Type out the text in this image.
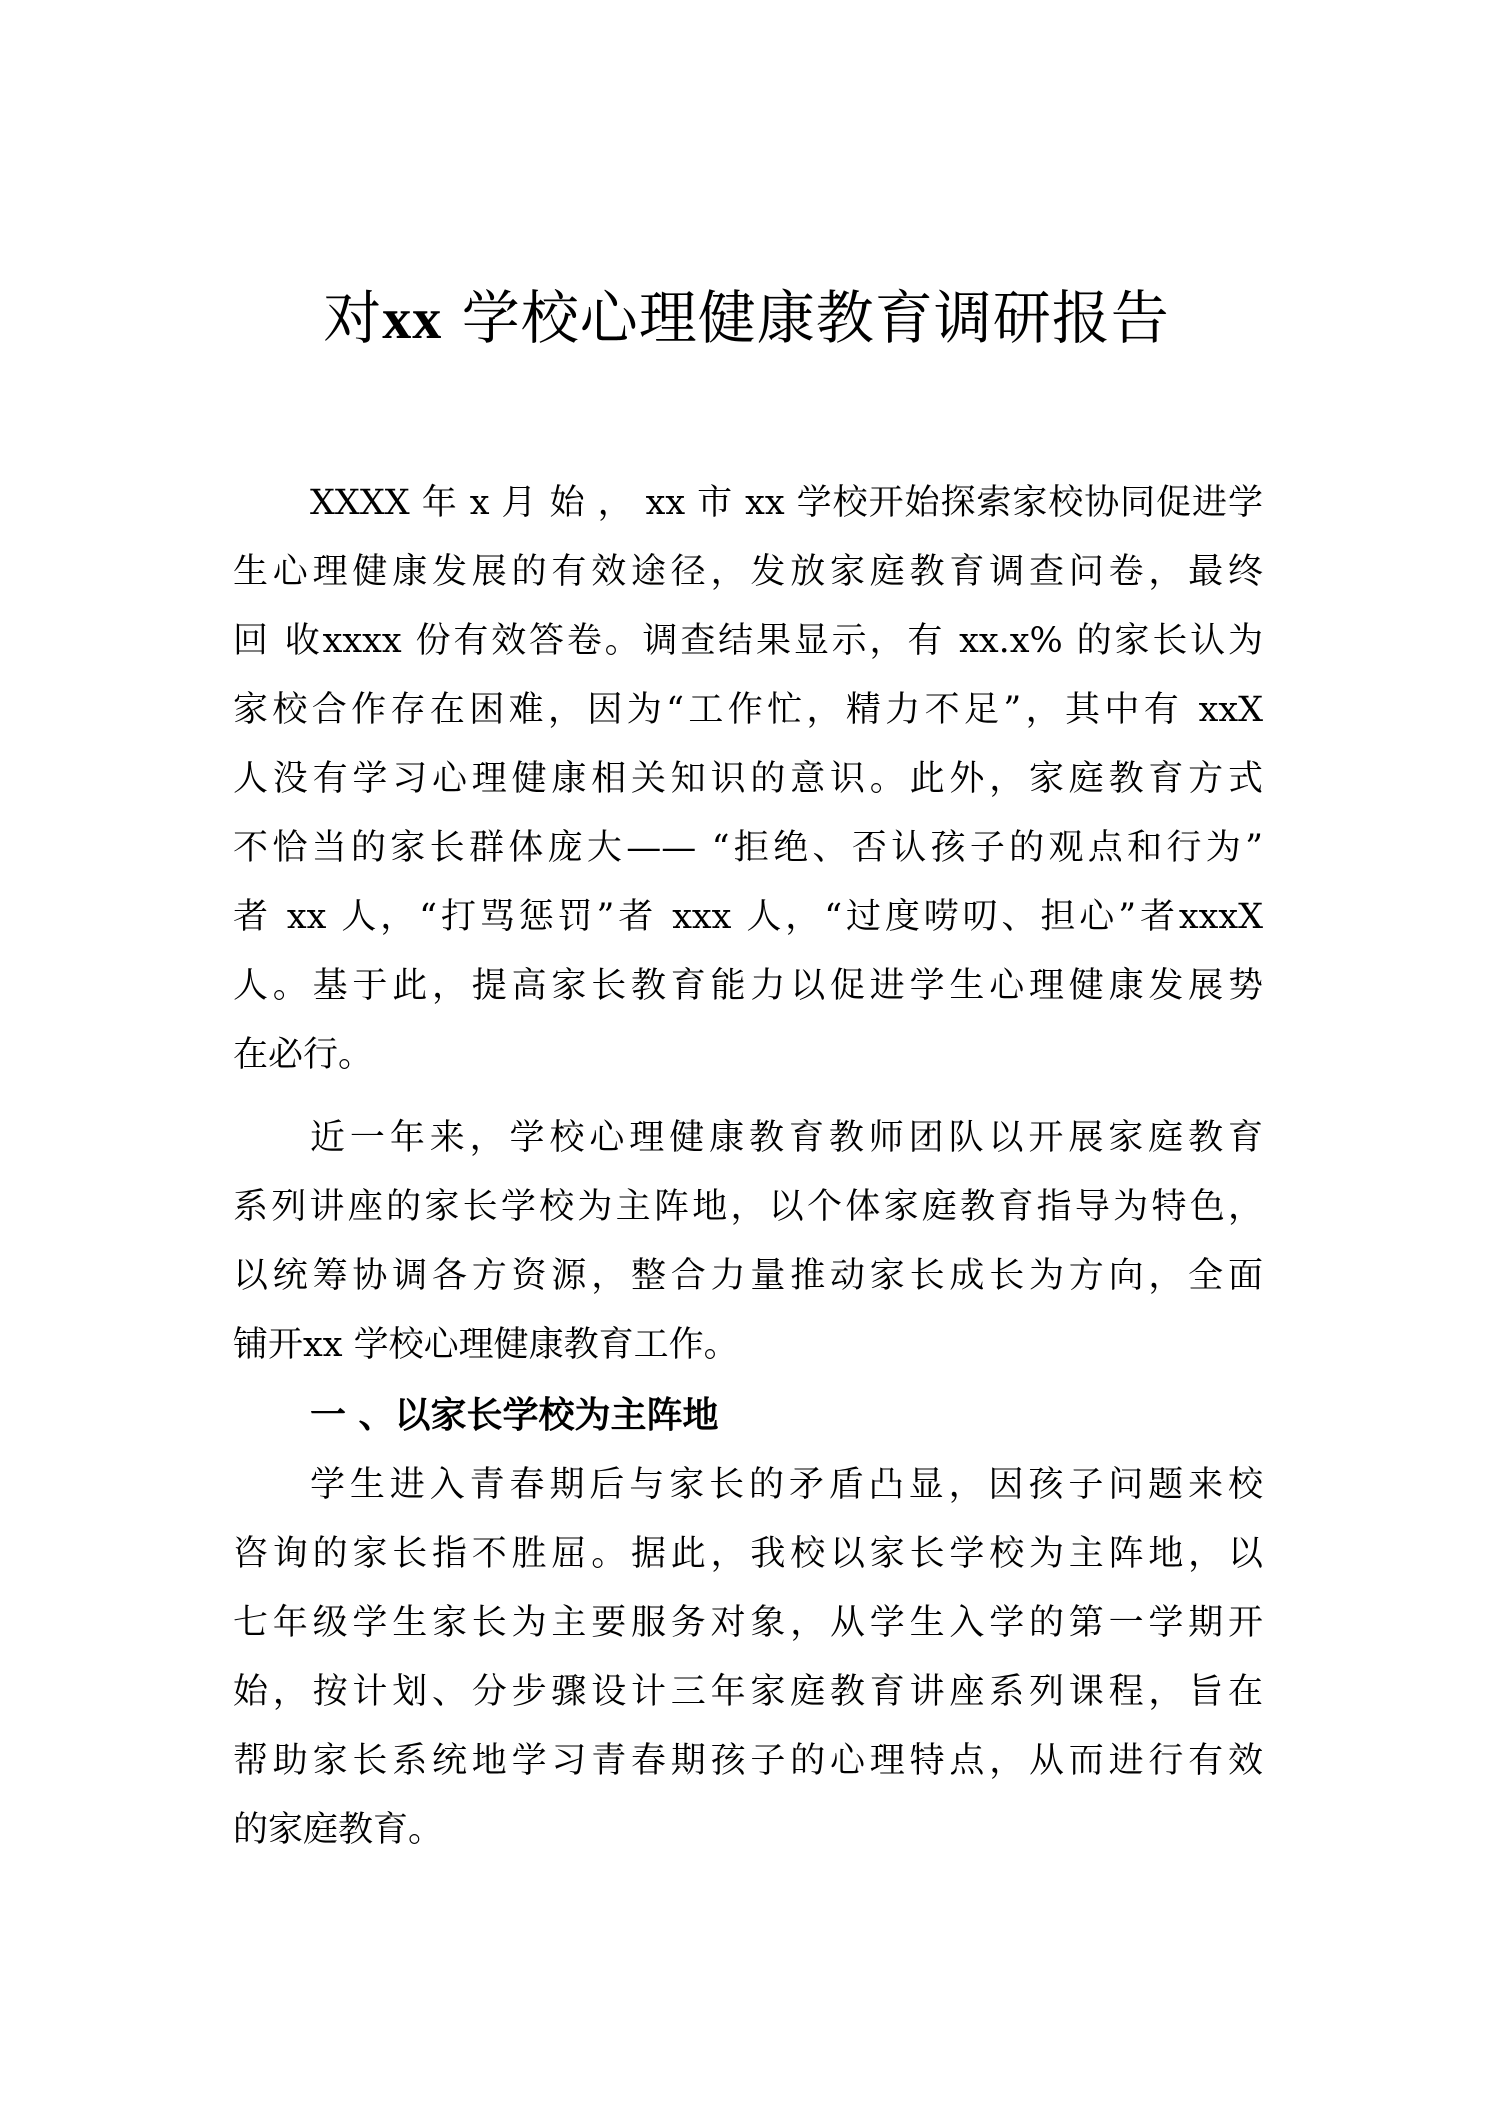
对xx 学校心理健康教育调研报告
XXXX 年 x 月 始 ， xx 市 xx 学校开始探索家校协同促进学
生心理健康发展的有效途径，发放家庭教育调查问卷，最终
回 收xxxx 份有效答卷。调查结果显示，有 xx.x% 的家长认为
家校合作存在困难，因为“工作忙，精力不足”，其中有 xxX
人没有学习心理健康相关知识的意识。此外，家庭教育方式
不恰当的家长群体庞大—— “拒绝、否认孩子的观点和行为”
者 xx 人，“打骂惩罚”者 xxx 人，“过度唠叨、担心”者xxxX
人。基于此，提高家长教育能力以促进学生心理健康发展势
在必行。
近一年来，学校心理健康教育教师团队以开展家庭教育
系列讲座的家长学校为主阵地，以个体家庭教育指导为特色，
以统筹协调各方资源，整合力量推动家长成长为方向，全面
铺开xx 学校心理健康教育工作。
一 、以家长学校为主阵地
学生进入青春期后与家长的矛盾凸显，因孩子问题来校
咨询的家长指不胜屈。据此，我校以家长学校为主阵地，以
七年级学生家长为主要服务对象，从学生入学的第一学期开
始，按计划、分步骤设计三年家庭教育讲座系列课程，旨在
帮助家长系统地学习青春期孩子的心理特点，从而进行有效
的家庭教育。
